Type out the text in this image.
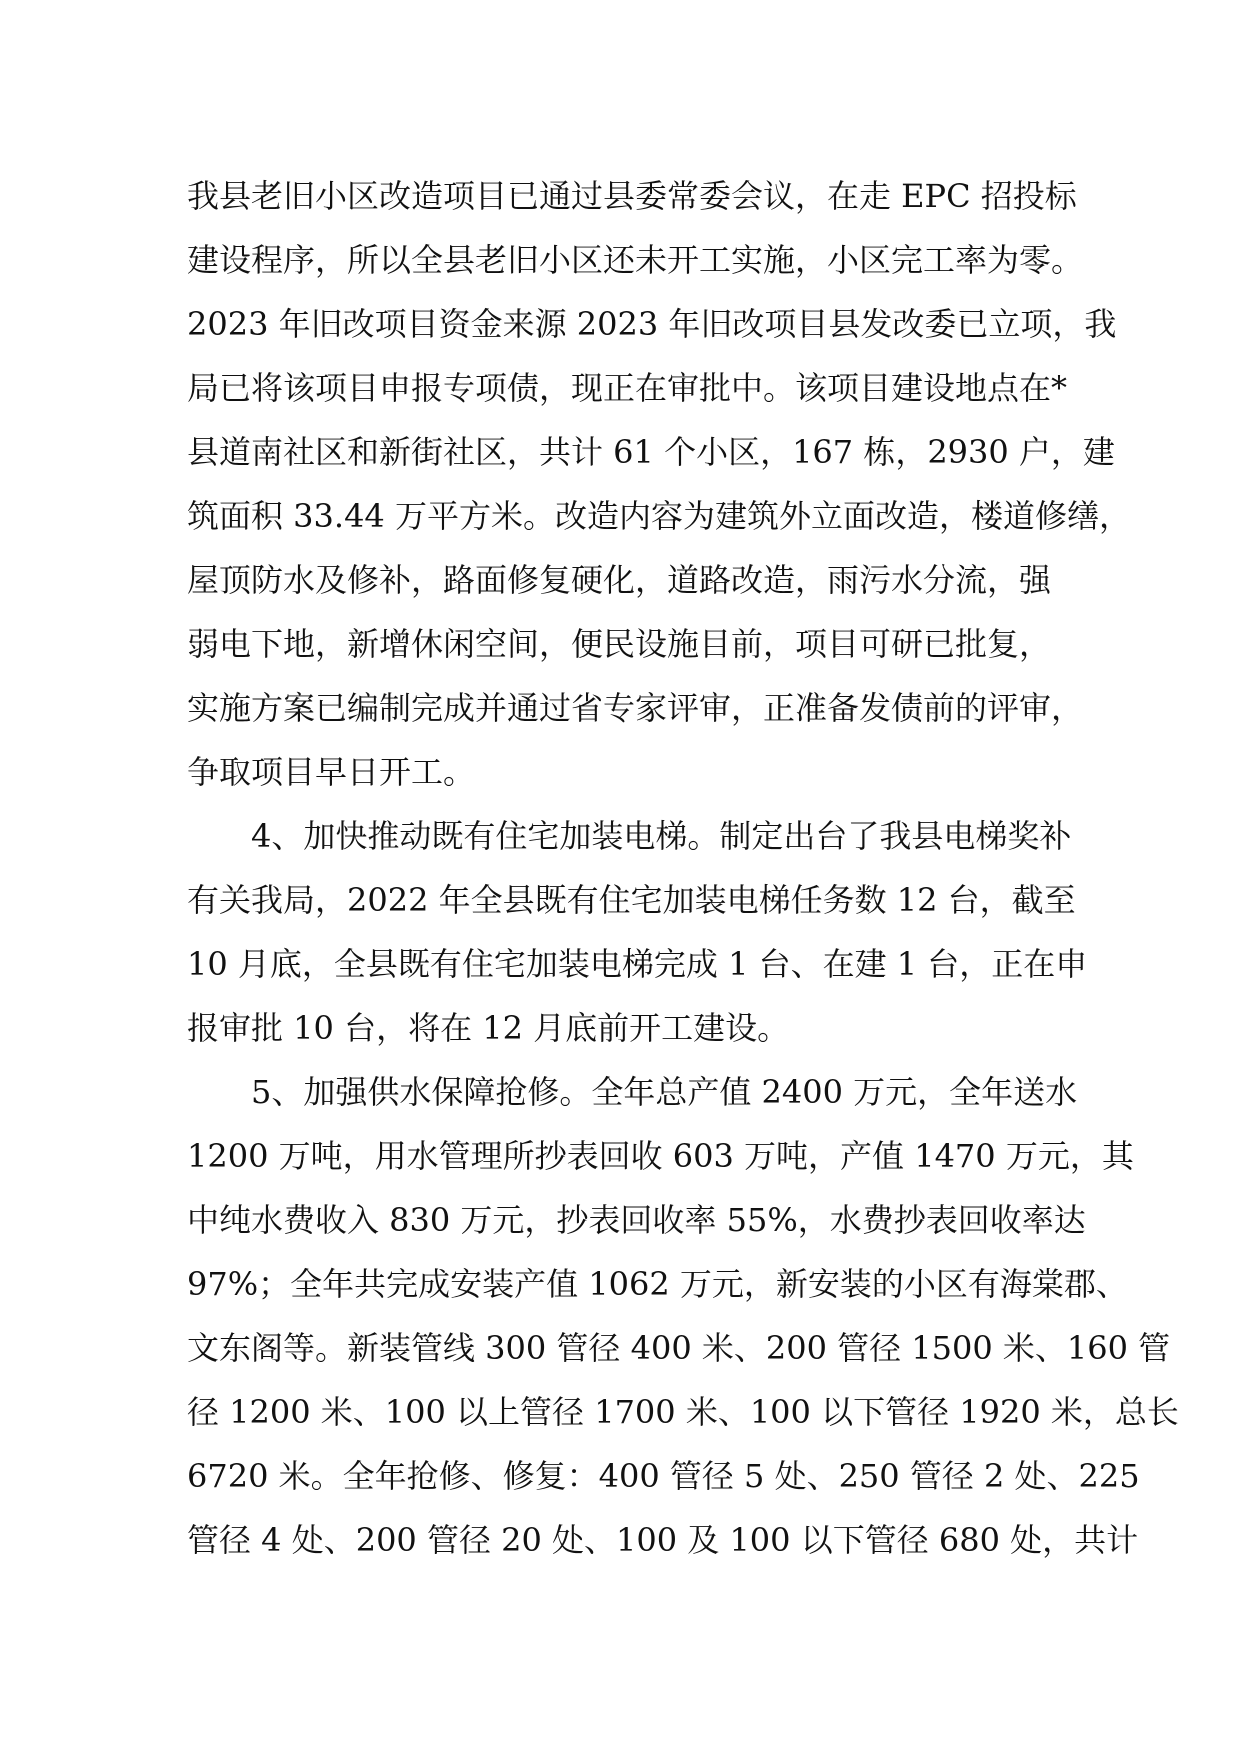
我县老旧小区改造项目已通过县委常委会议，在走 EPC 招投标
建设程序，所以全县老旧小区还未开工实施，小区完工率为零。
2023 年旧改项目资金来源 2023 年旧改项目县发改委已立项，我
局已将该项目申报专项债，现正在审批中。该项目建设地点在*
县道南社区和新街社区，共计 61 个小区，167 栋，2930 户，建
筑面积 33.44 万平方米。改造内容为建筑外立面改造，楼道修缮，
屋顶防水及修补，路面修复硬化，道路改造，雨污水分流，强
弱电下地，新增休闲空间，便民设施目前，项目可研已批复，
实施方案已编制完成并通过省专家评审，正准备发债前的评审，
争取项目早日开工。
4、加快推动既有住宅加装电梯。制定出台了我县电梯奖补
有关我局，2022 年全县既有住宅加装电梯任务数 12 台，截至
10 月底，全县既有住宅加装电梯完成 1 台、在建 1 台，正在申
报审批 10 台，将在 12 月底前开工建设。
5、加强供水保障抢修。全年总产值 2400 万元，全年送水
1200 万吨，用水管理所抄表回收 603 万吨，产值 1470 万元，其
中纯水费收入 830 万元，抄表回收率 55%，水费抄表回收率达
97%；全年共完成安装产值 1062 万元，新安装的小区有海棠郡、
文东阁等。新装管线 300 管径 400 米、200 管径 1500 米、160 管
径 1200 米、100 以上管径 1700 米、100 以下管径 1920 米，总长
6720 米。全年抢修、修复：400 管径 5 处、250 管径 2 处、225
管径 4 处、200 管径 20 处、100 及 100 以下管径 680 处，共计
